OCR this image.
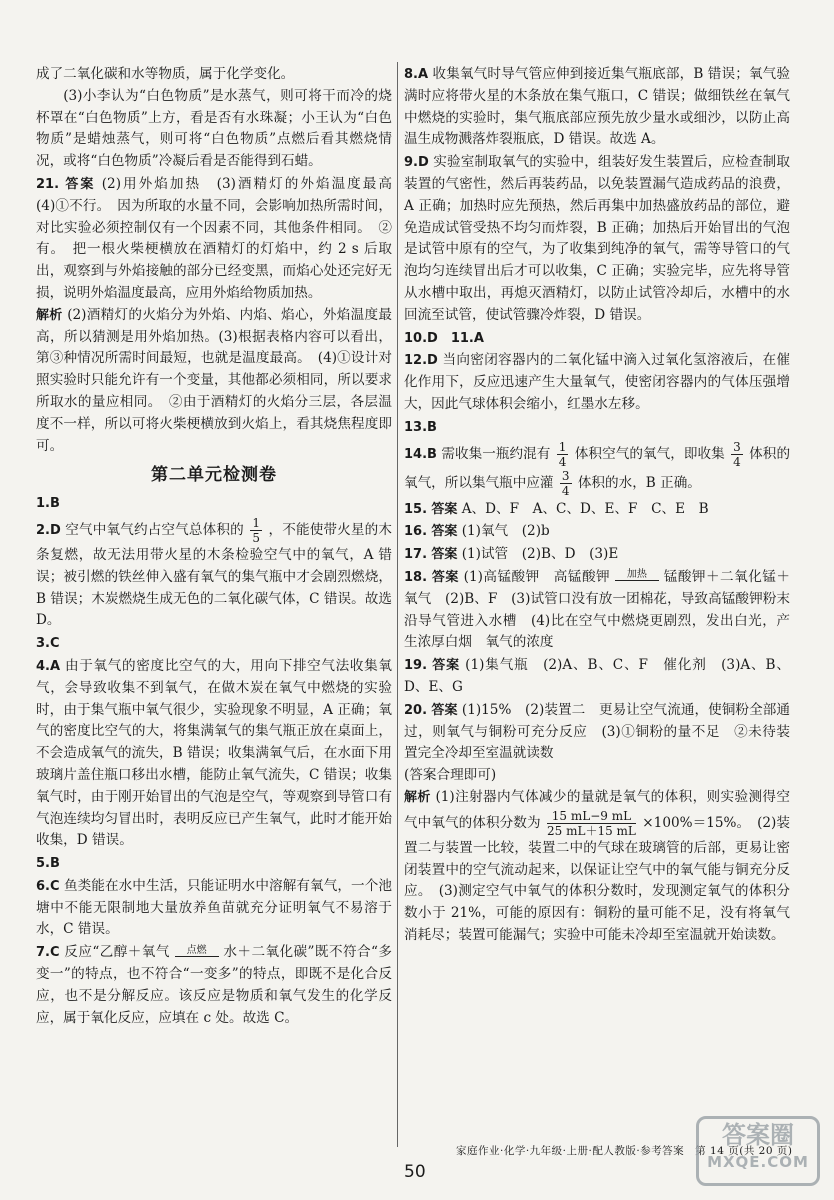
成了二氧化碳和水等物质，属于化学变化。

(3)小李认为“白色物质”是水蒸气，则可将干而冷的烧杯罩在“白色物质”上方，看是否有水珠凝；小王认为“白色物质”是蜡烛蒸气，则可将“白色物质”点燃后看其燃烧情况，或将“白色物质”冷凝后看是否能得到石蜡。

21. 答案 (2)用外焰加热　(3)酒精灯的外焰温度最高　(4)①不行。　因为所取的水量不同，会影响加热所需时间，对比实验必须控制仅有一个因素不同，其他条件相同。　②有。　把一根火柴梗横放在酒精灯的灯焰中，约 2 s 后取出，观察到与外焰接触的部分已经变黑，而焰心处还完好无损，说明外焰温度最高，应用外焰给物质加热。

解析 (2)酒精灯的火焰分为外焰、内焰、焰心，外焰温度最高，所以猜测是用外焰加热。(3)根据表格内容可以看出，第③种情况所需时间最短，也就是温度最高。　(4)①设计对照实验时只能允许有一个变量，其他都必须相同，所以要求所取水的量应相同。　②由于酒精灯的火焰分三层，各层温度不一样，所以可将火柴梗横放到火焰上，看其烧焦程度即可。

第二单元检测卷

1.B

2.D 空气中氧气约占空气总体积的 $\frac{1}{5}$ ，不能使带火星的木条复燃，故无法用带火星的木条检验空气中的氧气，A 错误；被引燃的铁丝伸入盛有氧气的集气瓶中才会剧烈燃烧，B 错误；木炭燃烧生成无色的二氧化碳气体，C 错误。故选 D。

3.C

4.A 由于氧气的密度比空气的大，用向下排空气法收集氧气，会导致收集不到氧气，在做木炭在氧气中燃烧的实验时，由于集气瓶中氧气很少，实验现象不明显，A 正确；氧气的密度比空气的大，将集满氧气的集气瓶正放在桌面上，不会造成氧气的流失，B 错误；收集满氧气后，在水面下用玻璃片盖住瓶口移出水槽，能防止氧气流失，C 错误；收集氧气时，由于刚开始冒出的气泡是空气，等观察到导管口有气泡连续均匀冒出时，表明反应已产生氧气，此时才能开始收集，D 错误。

5.B

6.C 鱼类能在水中生活，只能证明水中溶解有氧气，一个池塘中不能无限制地大量放养鱼苗就充分证明氧气不易溶于水，C 错误。

7.C 反应“乙醇＋氧气	点燃	水＋二氧化碳”既不符合“多变一”的特点，也不符合“一变多”的特点，即既不是化合反应，也不是分解反应。该反应是物质和氧气发生的化学反应，属于氧化反应，应填在 c 处。故选 C。

8.A 收集氧气时导气管应伸到接近集气瓶底部，B 错误；氧气验满时应将带火星的木条放在集气瓶口，C 错误；做细铁丝在氧气中燃烧的实验时，集气瓶底部应预先放少量水或细沙，以防止高温生成物溅落炸裂瓶底，D 错误。故选 A。

9.D 实验室制取氧气的实验中，组装好发生装置后，应检查制取装置的气密性，然后再装药品，以免装置漏气造成药品的浪费，A 正确；加热时应先预热，然后再集中加热盛放药品的部位，避免造成试管受热不均匀而炸裂，B 正确；加热后开始冒出的气泡是试管中原有的空气，为了收集到纯净的氧气，需等导管口的气泡均匀连续冒出后才可以收集，C 正确；实验完毕，应先将导管从水槽中取出，再熄灭酒精灯，以防止试管冷却后，水槽中的水回流至试管，使试管骤冷炸裂，D 错误。

10.D　11.A

12.D 当向密闭容器内的二氧化锰中滴入过氧化氢溶液后，在催化作用下，反应迅速产生大量氧气，使密闭容器内的气体压强增大，因此气球体积会缩小，红墨水左移。

13.B

14.B 需收集一瓶约混有 $\frac{1}{4}$ 体积空气的氧气，即收集 $\frac{3}{4}$ 体积的氧气，所以集气瓶中应灌 $\frac{3}{4}$ 体积的水，B 正确。

15. 答案 A、D、F　A、C、D、E、F　C、E　B

16. 答案 (1)氧气　(2)b

17. 答案 (1)试管　(2)B、D　(3)E

18. 答案 (1)高锰酸钾　高锰酸钾	加热	锰酸钾＋二氧化锰＋氧气　(2)B、F　(3)试管口没有放一团棉花，导致高锰酸钾粉末沿导气管进入水槽　(4)比在空气中燃烧更剧烈，发出白光，产生浓厚白烟　氧气的浓度

19. 答案 (1)集气瓶　(2)A、B、C、F　催化剂　(3)A、B、D、E、G

20. 答案 (1)15%　(2)装置二　更易让空气流通，使铜粉全部通过，则氧气与铜粉可充分反应　(3)①铜粉的量不足　②未待装置完全冷却至室温就读数

(答案合理即可)

解析 (1)注射器内气体减少的量就是氧气的体积，则实验测得空气中氧气的体积分数为 $\frac{15 mL-9 mL}{25 mL+15 mL} \times 100\%=15\%$。　(2)装置二与装置一比较，装置二中的气球在玻璃管的后部，更易让密闭装置中的空气流动起来，以保证让空气中的氧气能与铜充分反应。　(3)测定空气中氧气的体积分数时，发现测定氧气的体积分数小于 21%，可能的原因有：铜粉的量可能不足，没有将氧气消耗尽；装置可能漏气；实验中可能未冷却至室温就开始读数。

家庭作业·化学·九年级·上册·配人教版·参考答案　第 14 页(共 20 页)
50
答案圈
MXQE.COM
